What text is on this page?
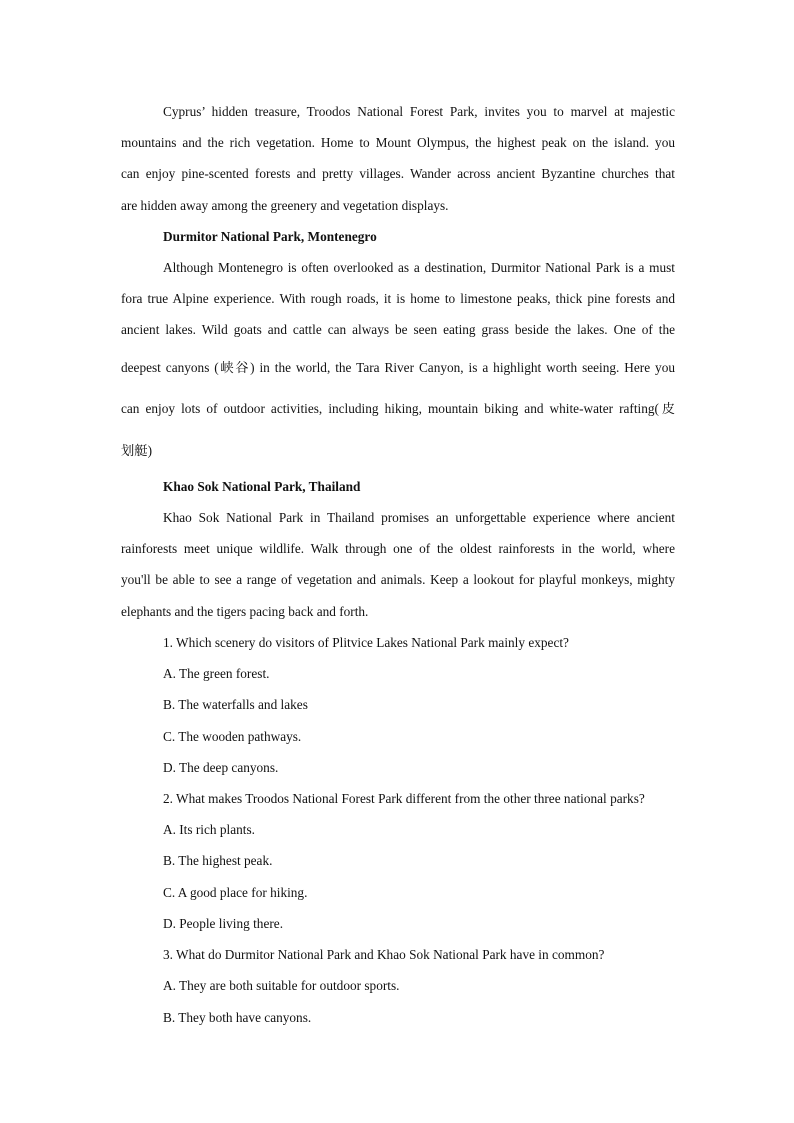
Cyprus’ hidden treasure, Troodos National Forest Park, invites you to marvel at majestic
mountains and the rich vegetation. Home to Mount Olympus, the highest peak on the island. you
can enjoy pine-scented forests and pretty villages. Wander across ancient Byzantine churches that
are hidden away among the greenery and vegetation displays.
Durmitor National Park, Montenegro
Although Montenegro is often overlooked as a destination, Durmitor National Park is a must
fora true Alpine experience. With rough roads, it is home to limestone peaks, thick pine forests and
ancient lakes. Wild goats and cattle can always be seen eating grass beside the lakes. One of the
deepest canyons (峡谷) in the world, the Tara River Canyon, is a highlight worth seeing. Here you
can enjoy lots of outdoor activities, including hiking, mountain biking and white-water rafting(皮
划艇)
Khao Sok National Park, Thailand
Khao Sok National Park in Thailand promises an unforgettable experience where ancient
rainforests meet unique wildlife. Walk through one of the oldest rainforests in the world, where
you'll be able to see a range of vegetation and animals. Keep a lookout for playful monkeys, mighty
elephants and the tigers pacing back and forth.
1. Which scenery do visitors of Plitvice Lakes National Park mainly expect?
A. The green forest.
B. The waterfalls and lakes
C. The wooden pathways.
D. The deep canyons.
2. What makes Troodos National Forest Park different from the other three national parks?
A. Its rich plants.
B. The highest peak.
C. A good place for hiking.
D. People living there.
3. What do Durmitor National Park and Khao Sok National Park have in common?
A. They are both suitable for outdoor sports.
B. They both have canyons.
